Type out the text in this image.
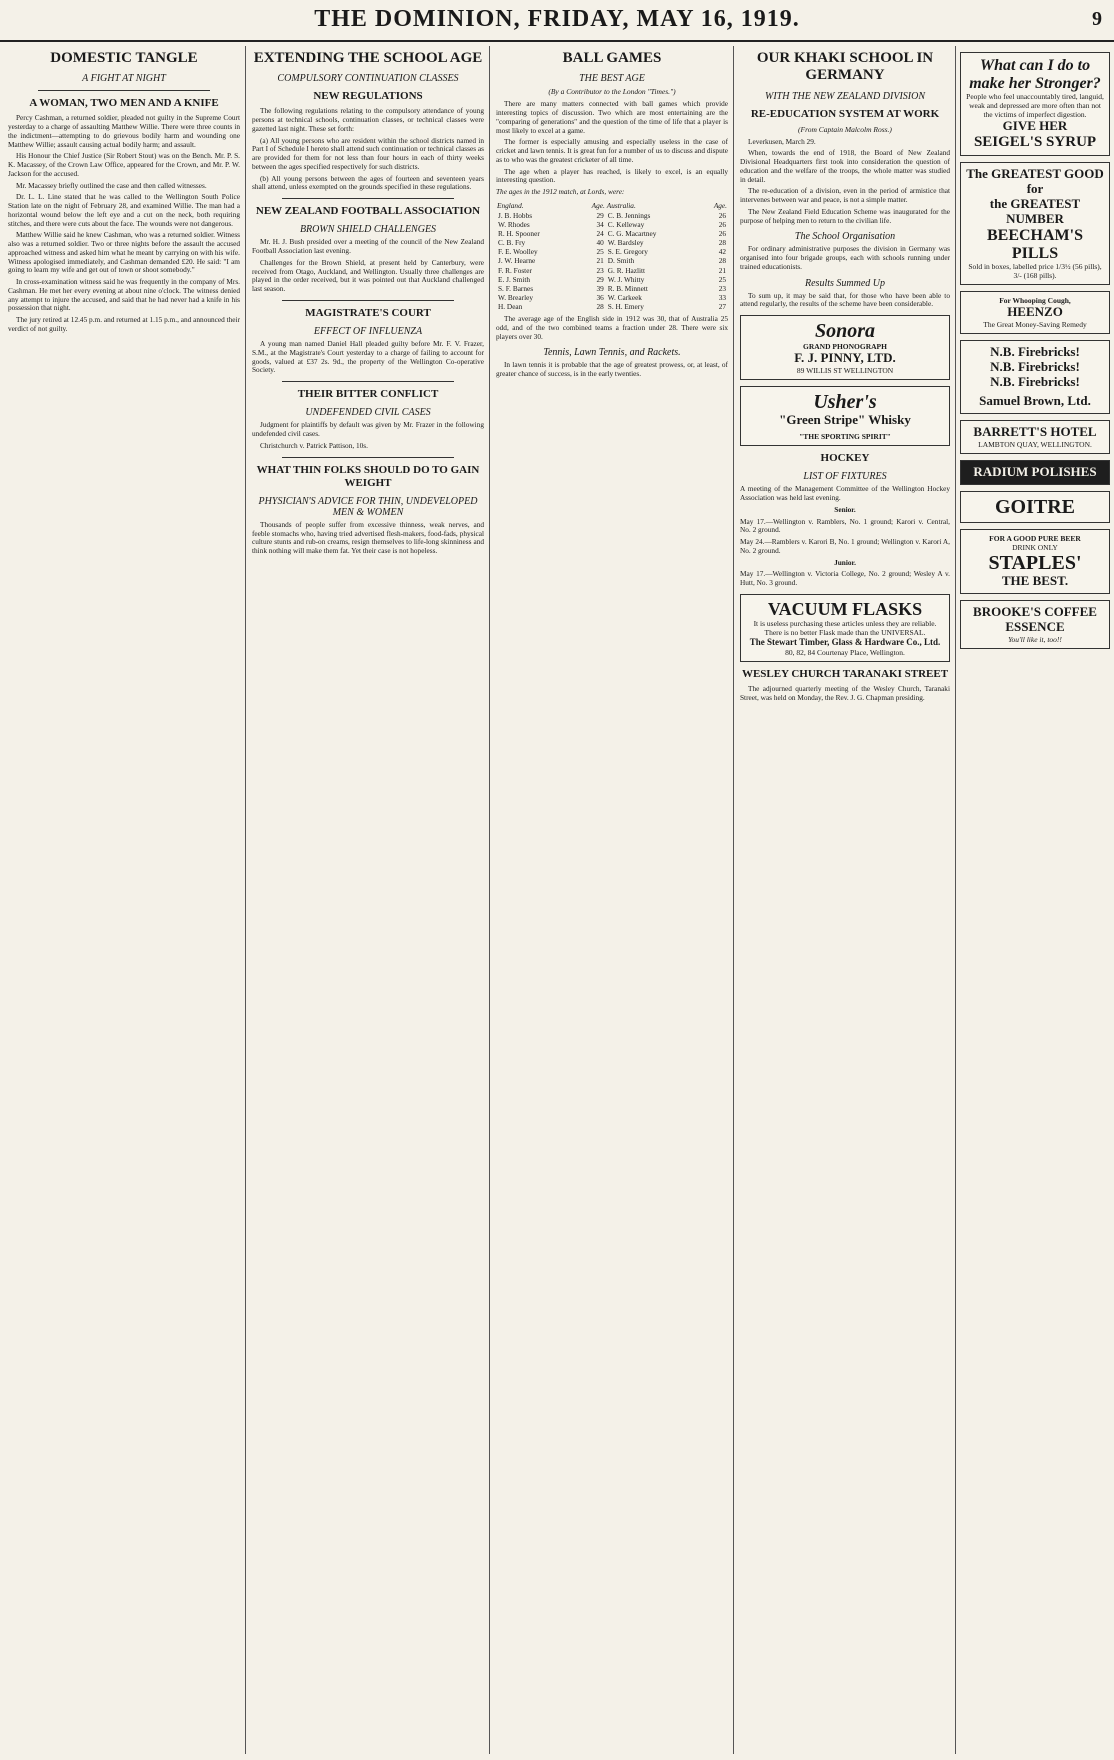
THE DOMINION, FRIDAY, MAY 16, 1919.	9
DOMESTIC TANGLE
A FIGHT AT NIGHT
A WOMAN, TWO MEN AND A KNIFE

Percy Cashman, a returned soldier, pleaded not guilty in the Supreme Court yesterday to a charge of assaulting Matthew Willie. There were three counts in the indictment—attempting to do grievous bodily harm and wounding one Matthew Willie; assault causing actual bodily harm; and assault.

His Honour the Chief Justice (Sir Robert Stout) was on the Bench. Mr. P. S. K. Macassey, of the Crown Law Office, appeared for the Crown, and Mr. P. W. Jackson for the accused.

Mr. Macassey briefly outlined the case and then called witnesses.

Dr. L. L. Line stated that he was called to the Wellington South Police Station late on the night of February 28, and examined Willie. The man had a horizontal wound below the left eye and a cut on the neck, both requiring stitches, and there were cuts about the face. The wounds were not dangerous.

Matthew Willie said he knew Cashman, who was a returned soldier. Witness also was a returned soldier. Two or three nights before the assault the accused approached witness and asked him what he meant by carrying on with his wife. Witness apologised immediately, and Cashman demanded £20. He said: "I am going to learn my wife and get out of town or shoot somebody."

In cross-examination witness said he was frequently in the company of Mrs. Cashman. He met her every evening at about nine o'clock. The witness denied any attempt to injure the accused, and said that he had never had a knife in his possession that night.

The jury retired at 12.45 p.m. and returned at 1.15 p.m., and announced their verdict of not guilty.

EXTENDING THE SCHOOL AGE
COMPULSORY CONTINUATION CLASSES
NEW REGULATIONS

The following regulations relating to the compulsory attendance of young persons at technical schools, continuation classes, or technical classes were gazetted last night. These set forth:

(a) All young persons who are resident within the school districts named in Part I of Schedule I hereto shall attend such continuation or technical classes as are provided for them for not less than four hours in each of thirty weeks between the ages specified respectively for such districts.

(b) All young persons between the ages of fourteen and seventeen years shall attend, unless exempted on the grounds specified in these regulations.

NEW ZEALAND FOOTBALL ASSOCIATION
BROWN SHIELD CHALLENGES

Mr. H. J. Bush presided over a meeting of the council of the New Zealand Football Association last evening.

Challenges for the Brown Shield, at present held by Canterbury, were received from Otago, Auckland, and Wellington. Usually three challenges are played in the order received, but it was pointed out that Auckland challenged last season.

MAGISTRATE'S COURT
EFFECT OF INFLUENZA

A young man named Daniel Hall pleaded guilty before Mr. F. V. Frazer, S.M., at the Magistrate's Court yesterday to a charge of failing to account for goods, valued at £37 2s. 9d., the property of the Wellington Co-operative Society.

THEIR BITTER CONFLICT
UNDEFENDED CIVIL CASES

Judgment for plaintiffs by default was given by Mr. Frazer in the following undefended civil cases.

Christchurch v. Patrick Pattison, 10s.

WHAT THIN FOLKS SHOULD DO TO GAIN WEIGHT
PHYSICIAN'S ADVICE FOR THIN, UNDEVELOPED MEN & WOMEN

Thousands of people suffer from excessive thinness, weak nerves, and feeble stomachs who, having tried advertised flesh-makers, food-fads, physical culture stunts and rub-on creams, resign themselves to life-long skinniness and think nothing will make them fat. Yet their case is not hopeless.

BALL GAMES
THE BEST AGE
(By a Contributor to the London "Times.")

There are many matters connected with ball games which provide interesting topics of discussion. Two which are most entertaining are the "comparing of generations" and the question of the time of life that a player is most likely to excel at a game.

The former is especially amusing and especially useless in the case of cricket and lawn tennis. It is great fun for a number of us to discuss and dispute as to who was the greatest cricketer of all time.

The age when a player has reached, is likely to excel, is an equally interesting question.

The ages in the 1912 match, at Lords, were:

England.	Age.	Australia.	Age.
J. B. Hobbs	29	C. B. Jennings	26
W. Rhodes	34	C. Kelleway	26
R. H. Spooner	24	C. G. Macartney	26
C. B. Fry	40	W. Bardsley	28
F. E. Woolley	25	S. E. Gregory	42
J. W. Hearne	21	D. Smith	28
F. R. Foster	23	G. R. Hazlitt	21
E. J. Smith	29	W. J. Whitty	25
S. F. Barnes	39	R. B. Minnett	23
W. Brearley	36	W. Carkeek	33
H. Dean	28	S. H. Emery	27

The average age of the English side in 1912 was 30, that of Australia 25 odd, and of the two combined teams a fraction under 28. There were six players over 30.

Tennis, Lawn Tennis, and Rackets.

In lawn tennis it is probable that the age of greatest prowess, or, at least, of greater chance of success, is in the early twenties.

OUR KHAKI SCHOOL IN GERMANY
WITH THE NEW ZEALAND DIVISION
RE-EDUCATION SYSTEM AT WORK
(From Captain Malcolm Ross.)

Leverkusen, March 29.

When, towards the end of 1918, the Board of New Zealand Divisional Headquarters first took into consideration the question of education and the welfare of the troops, the whole matter was studied in detail.

The re-education of a division, even in the period of armistice that intervenes between war and peace, is not a simple matter.

The New Zealand Field Education Scheme was inaugurated for the purpose of helping men to return to the civilian life.

The School Organisation

For ordinary administrative purposes the division in Germany was organised into four brigade groups, each with schools running under trained educationists.

Results Summed Up

To sum up, it may be said that, for those who have been able to attend regularly, the results of the scheme have been considerable.

Sonora
GRAND PHONOGRAPH
F. J. PINNY, LTD.
89 WILLIS ST WELLINGTON
Usher's
"Green Stripe" Whisky
"THE SPORTING SPIRIT"
HOCKEY
LIST OF FIXTURES

A meeting of the Management Committee of the Wellington Hockey Association was held last evening.

Senior.

May 17.—Wellington v. Ramblers, No. 1 ground; Karori v. Central, No. 2 ground.

May 24.—Ramblers v. Karori B, No. 1 ground; Wellington v. Karori A, No. 2 ground.

Junior.

May 17.—Wellington v. Victoria College, No. 2 ground; Wesley A v. Hutt, No. 3 ground.

VACUUM FLASKS
It is useless purchasing these articles unless they are reliable. There is no better Flask made than the UNIVERSAL.
The Stewart Timber, Glass & Hardware Co., Ltd.
80, 82, 84 Courtenay Place, Wellington.
WESLEY CHURCH TARANAKI STREET

The adjourned quarterly meeting of the Wesley Church, Taranaki Street, was held on Monday, the Rev. J. G. Chapman presiding.

What can I do to make her Stronger?
People who feel unaccountably tired, languid, weak and depressed are more often than not the victims of imperfect digestion.
GIVE HER
SEIGEL'S SYRUP
The GREATEST GOOD for
the GREATEST NUMBER
BEECHAM'S PILLS
Sold in boxes, labelled price 1/3½ (56 pills), 3/- (168 pills).
For Whooping Cough,
HEENZO
The Great Money-Saving Remedy
N.B. Firebricks!
N.B. Firebricks!
N.B. Firebricks!
Samuel Brown, Ltd.
BARRETT'S HOTEL
LAMBTON QUAY, WELLINGTON.
RADIUM POLISHES
GOITRE
FOR A GOOD PURE BEER
DRINK ONLY
STAPLES'
THE BEST.
BROOKE'S COFFEE ESSENCE
You'll like it, too!!
